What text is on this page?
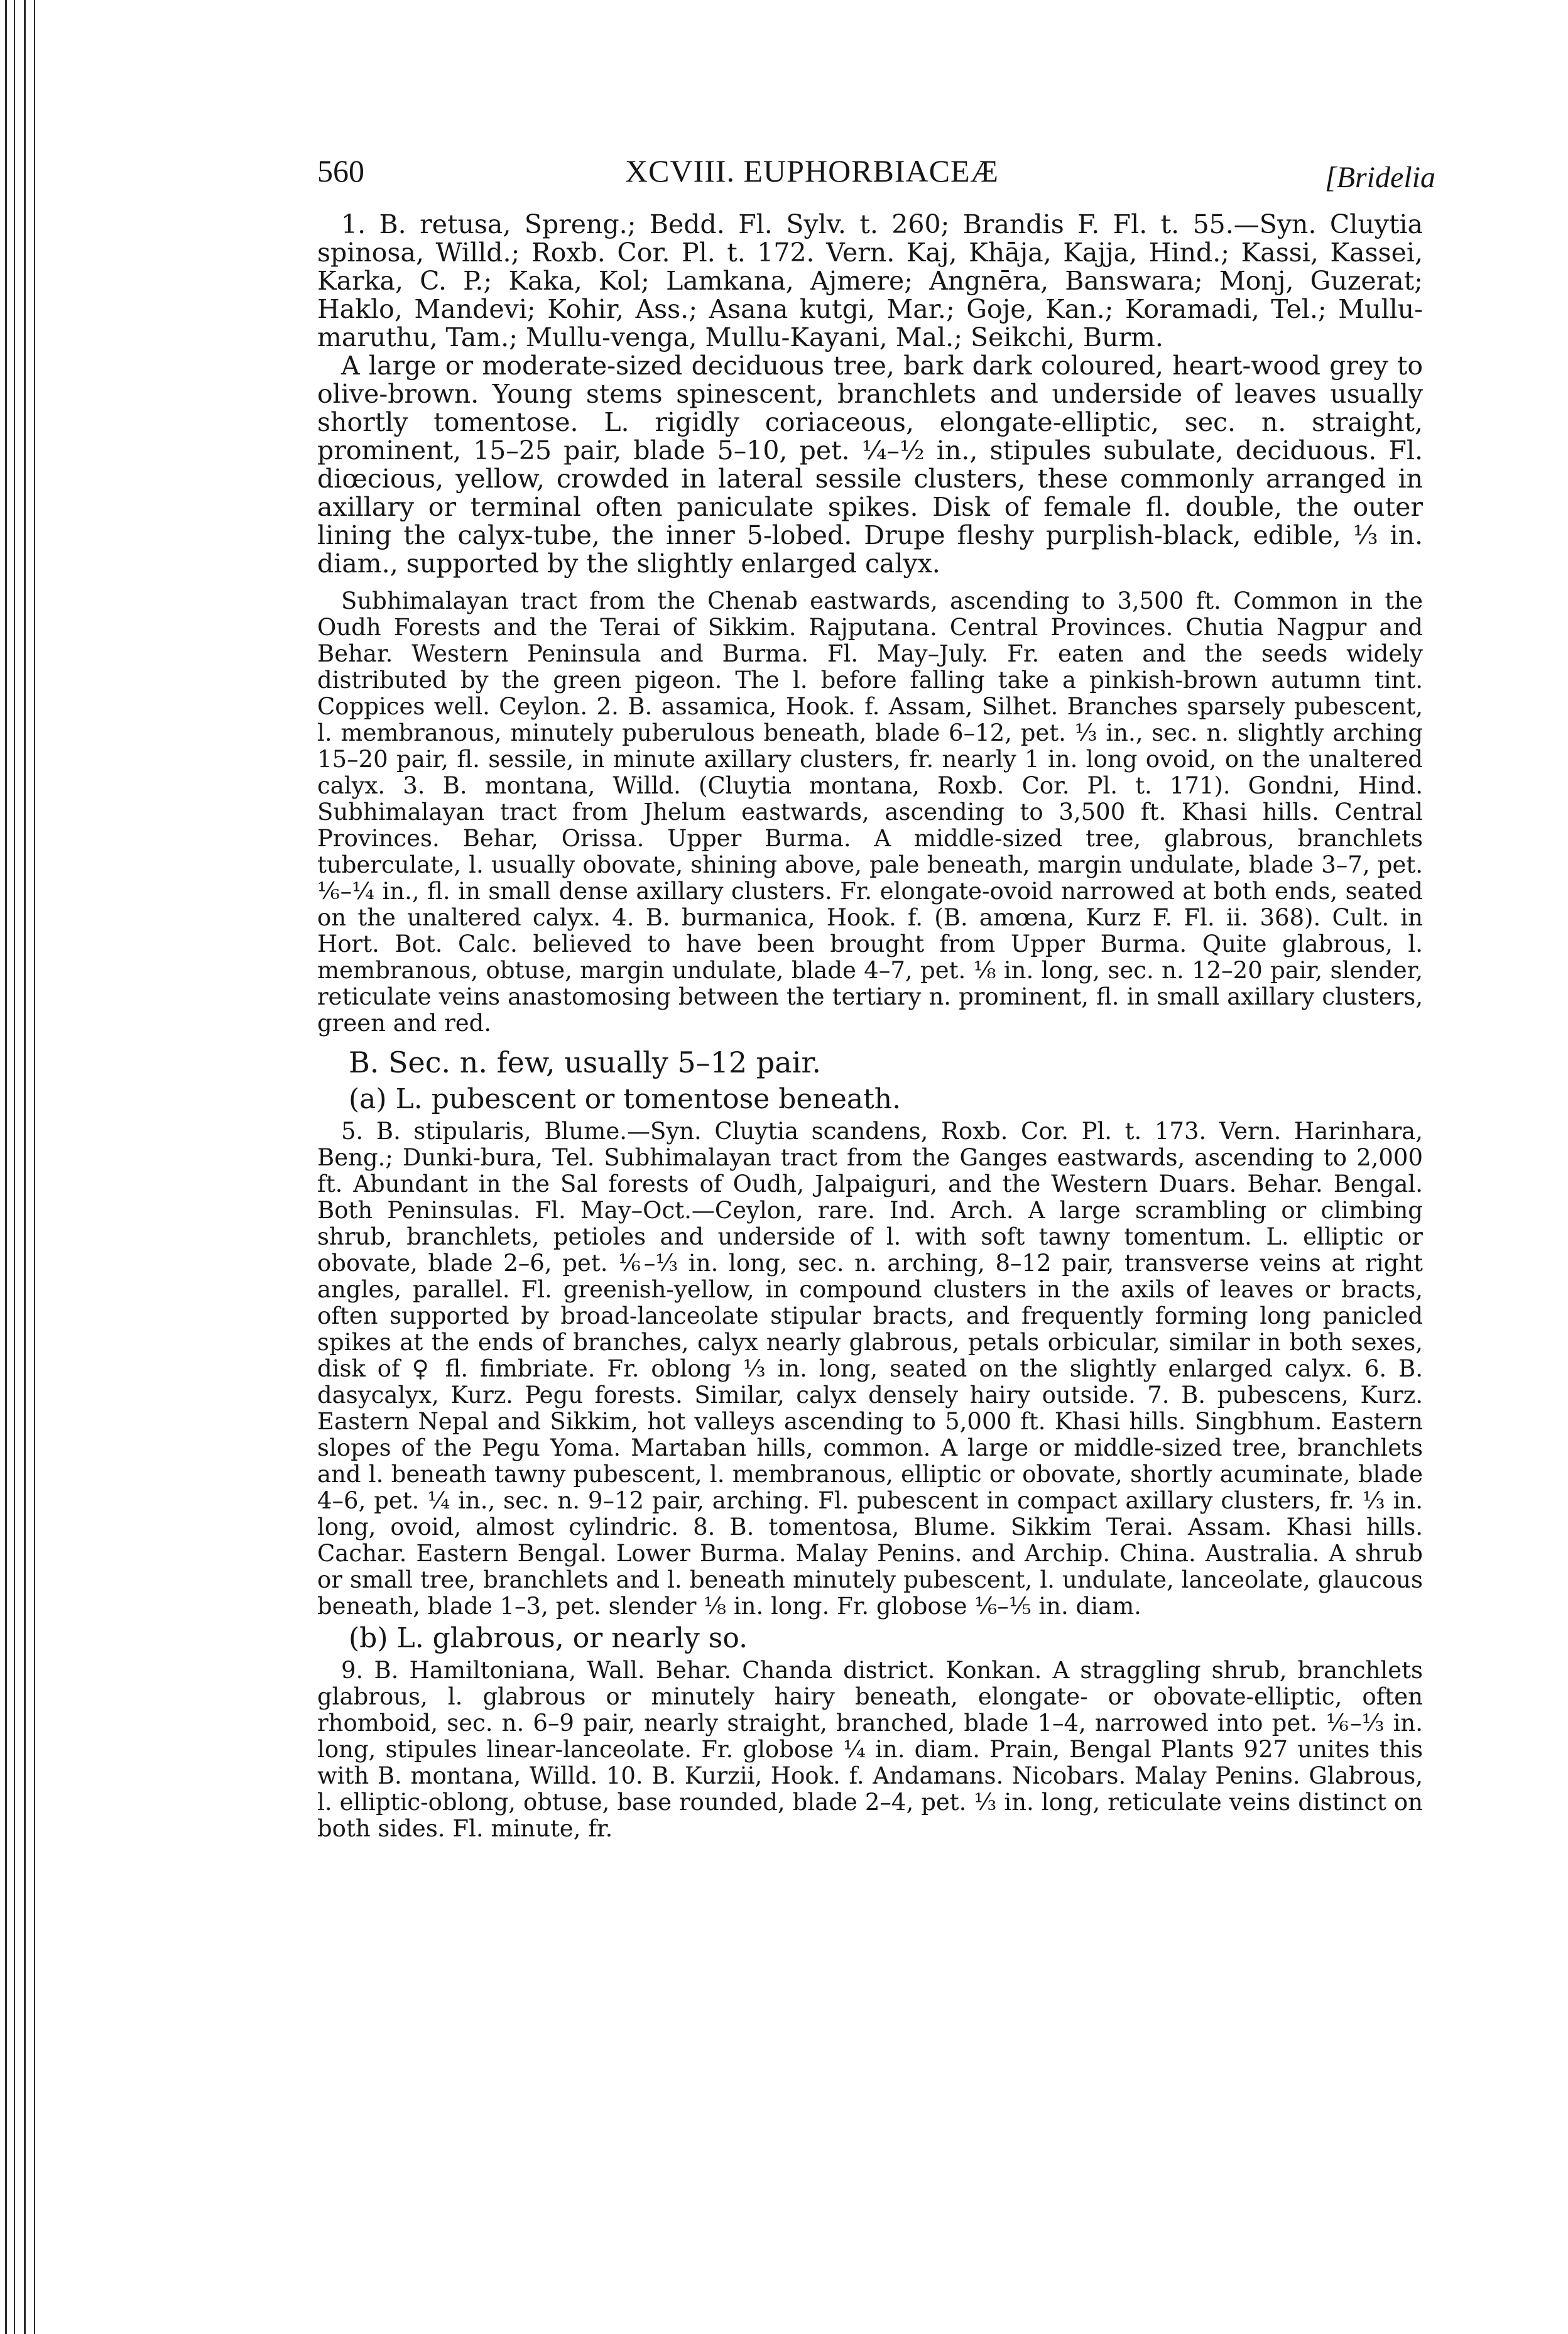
560	XCVIII. EUPHORBIACEÆ	[Bridelia

1. B. retusa, Spreng.; Bedd. Fl. Sylv. t. 260; Brandis F. Fl. t. 55.—Syn. Cluytia spinosa, Willd.; Roxb. Cor. Pl. t. 172. Vern. Kaj, Khāja, Kajja, Hind.; Kassi, Kassei, Karka, C. P.; Kaka, Kol; Lamkana, Ajmere; Angnēra, Banswara; Monj, Guzerat; Haklo, Mandevi; Kohir, Ass.; Asana kutgi, Mar.; Goje, Kan.; Koramadi, Tel.; Mullu-maruthu, Tam.; Mullu-venga, Mullu-Kayani, Mal.; Seikchi, Burm.

A large or moderate-sized deciduous tree, bark dark coloured, heart-wood grey to olive-brown. Young stems spinescent, branchlets and underside of leaves usually shortly tomentose. L. rigidly coriaceous, elongate-elliptic, sec. n. straight, prominent, 15–25 pair, blade 5–10, pet. ¼–½ in., stipules subulate, deciduous. Fl. diœcious, yellow, crowded in lateral sessile clusters, these commonly arranged in axillary or terminal often paniculate spikes. Disk of female fl. double, the outer lining the calyx-tube, the inner 5-lobed. Drupe fleshy purplish-black, edible, ⅓ in. diam., supported by the slightly enlarged calyx.

Subhimalayan tract from the Chenab eastwards, ascending to 3,500 ft. Common in the Oudh Forests and the Terai of Sikkim. Rajputana. Central Provinces. Chutia Nagpur and Behar. Western Peninsula and Burma. Fl. May–July. Fr. eaten and the seeds widely distributed by the green pigeon. The l. before falling take a pinkish-brown autumn tint. Coppices well. Ceylon. 2. B. assamica, Hook. f. Assam, Silhet. Branches sparsely pubescent, l. membranous, minutely puberulous beneath, blade 6–12, pet. ⅓ in., sec. n. slightly arching 15–20 pair, fl. sessile, in minute axillary clusters, fr. nearly 1 in. long ovoid, on the unaltered calyx. 3. B. montana, Willd. (Cluytia montana, Roxb. Cor. Pl. t. 171). Gondni, Hind. Subhimalayan tract from Jhelum eastwards, ascending to 3,500 ft. Khasi hills. Central Provinces. Behar, Orissa. Upper Burma. A middle-sized tree, glabrous, branchlets tuberculate, l. usually obovate, shining above, pale beneath, margin undulate, blade 3–7, pet. ⅙–¼ in., fl. in small dense axillary clusters. Fr. elongate-ovoid narrowed at both ends, seated on the unaltered calyx. 4. B. burmanica, Hook. f. (B. amœna, Kurz F. Fl. ii. 368). Cult. in Hort. Bot. Calc. believed to have been brought from Upper Burma. Quite glabrous, l. membranous, obtuse, margin undulate, blade 4–7, pet. ⅛ in. long, sec. n. 12–20 pair, slender, reticulate veins anastomosing between the tertiary n. prominent, fl. in small axillary clusters, green and red.

B. Sec. n. few, usually 5–12 pair.

(a) L. pubescent or tomentose beneath.

5. B. stipularis, Blume.—Syn. Cluytia scandens, Roxb. Cor. Pl. t. 173. Vern. Harinhara, Beng.; Dunki-bura, Tel. Subhimalayan tract from the Ganges eastwards, ascending to 2,000 ft. Abundant in the Sal forests of Oudh, Jalpaiguri, and the Western Duars. Behar. Bengal. Both Peninsulas. Fl. May–Oct.—Ceylon, rare. Ind. Arch. A large scrambling or climbing shrub, branchlets, petioles and underside of l. with soft tawny tomentum. L. elliptic or obovate, blade 2–6, pet. ⅙–⅓ in. long, sec. n. arching, 8–12 pair, transverse veins at right angles, parallel. Fl. greenish-yellow, in compound clusters in the axils of leaves or bracts, often supported by broad-lanceolate stipular bracts, and frequently forming long panicled spikes at the ends of branches, calyx nearly glabrous, petals orbicular, similar in both sexes, disk of ♀ fl. fimbriate. Fr. oblong ⅓ in. long, seated on the slightly enlarged calyx. 6. B. dasycalyx, Kurz. Pegu forests. Similar, calyx densely hairy outside. 7. B. pubescens, Kurz. Eastern Nepal and Sikkim, hot valleys ascending to 5,000 ft. Khasi hills. Singbhum. Eastern slopes of the Pegu Yoma. Martaban hills, common. A large or middle-sized tree, branchlets and l. beneath tawny pubescent, l. membranous, elliptic or obovate, shortly acuminate, blade 4–6, pet. ¼ in., sec. n. 9–12 pair, arching. Fl. pubescent in compact axillary clusters, fr. ⅓ in. long, ovoid, almost cylindric. 8. B. tomentosa, Blume. Sikkim Terai. Assam. Khasi hills. Cachar. Eastern Bengal. Lower Burma. Malay Penins. and Archip. China. Australia. A shrub or small tree, branchlets and l. beneath minutely pubescent, l. undulate, lanceolate, glaucous beneath, blade 1–3, pet. slender ⅛ in. long. Fr. globose ⅙–⅕ in. diam.

(b) L. glabrous, or nearly so.

9. B. Hamiltoniana, Wall. Behar. Chanda district. Konkan. A straggling shrub, branchlets glabrous, l. glabrous or minutely hairy beneath, elongate- or obovate-elliptic, often rhomboid, sec. n. 6–9 pair, nearly straight, branched, blade 1–4, narrowed into pet. ⅙–⅓ in. long, stipules linear-lanceolate. Fr. globose ¼ in. diam. Prain, Bengal Plants 927 unites this with B. montana, Willd. 10. B. Kurzii, Hook. f. Andamans. Nicobars. Malay Penins. Glabrous, l. elliptic-oblong, obtuse, base rounded, blade 2–4, pet. ⅓ in. long, reticulate veins distinct on both sides. Fl. minute, fr.
